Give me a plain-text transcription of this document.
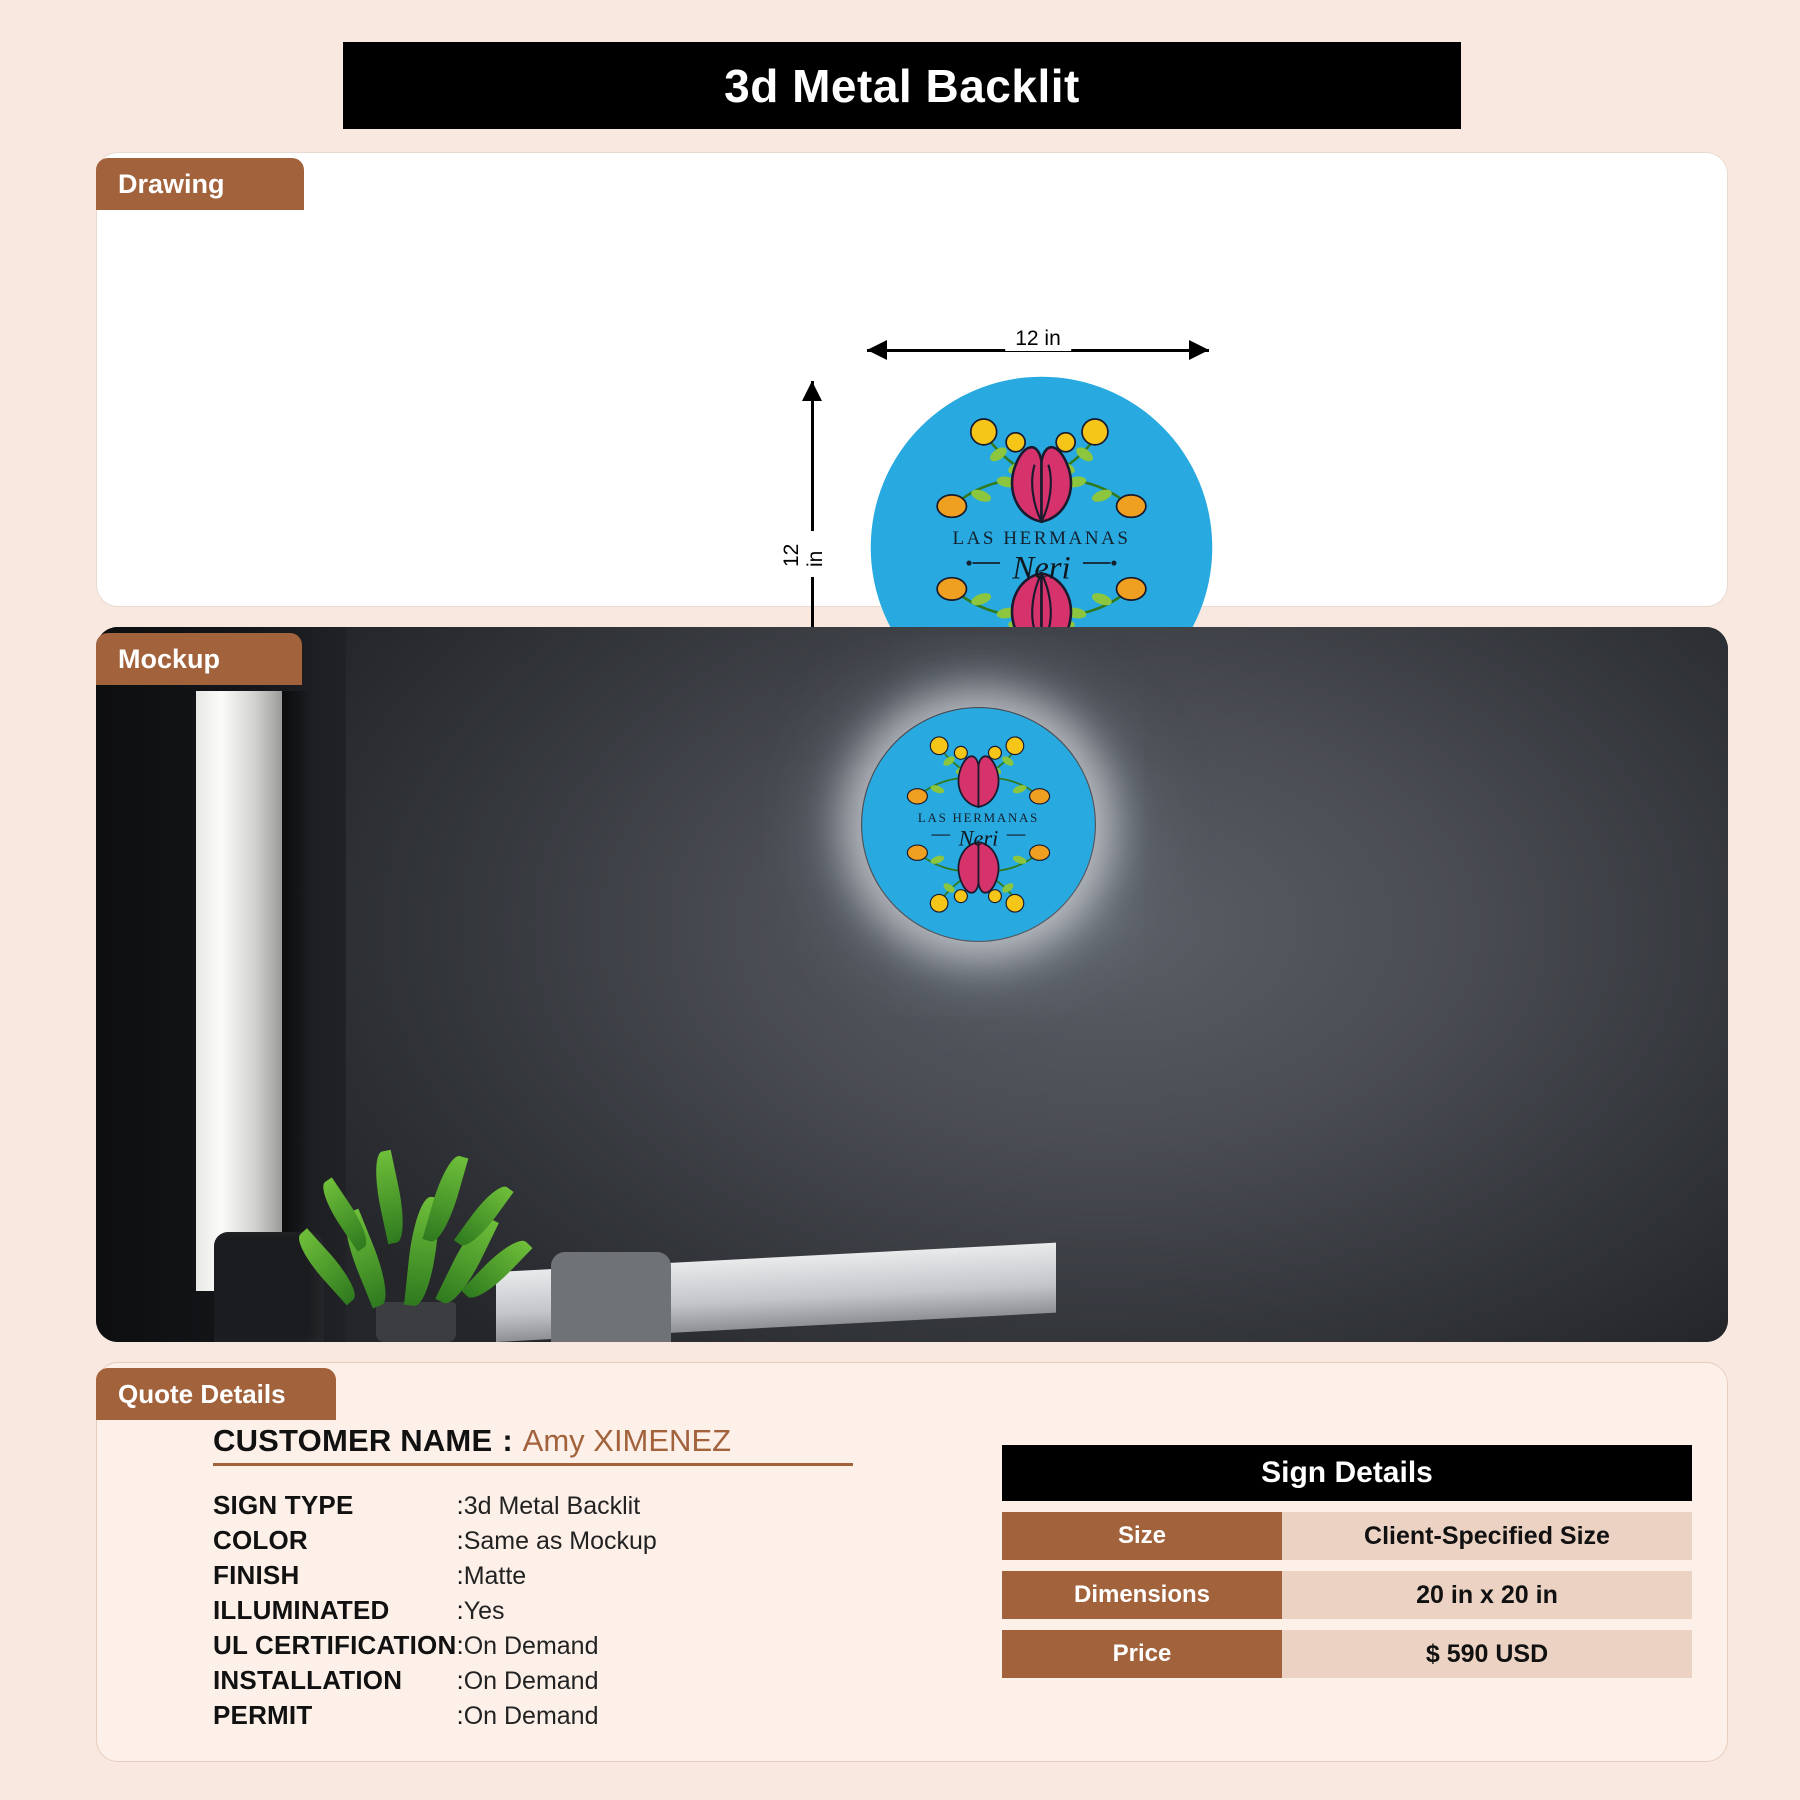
3d Metal Backlit
12 in
12 in
LAS HERMANAS
Neri
Drawing
LAS HERMANAS
Neri
Mockup
CUSTOMER NAME : Amy XIMENEZ
SIGN TYPE	:	3d Metal Backlit
COLOR	:	Same as Mockup
FINISH	:	Matte
ILLUMINATED	:	Yes
UL CERTIFICATION	:	On Demand
INSTALLATION	:	On Demand
PERMIT	:	On Demand
Sign Details
Size	Client-Specified Size
Dimensions	20 in x 20 in
Price	$ 590 USD
Quote Details
